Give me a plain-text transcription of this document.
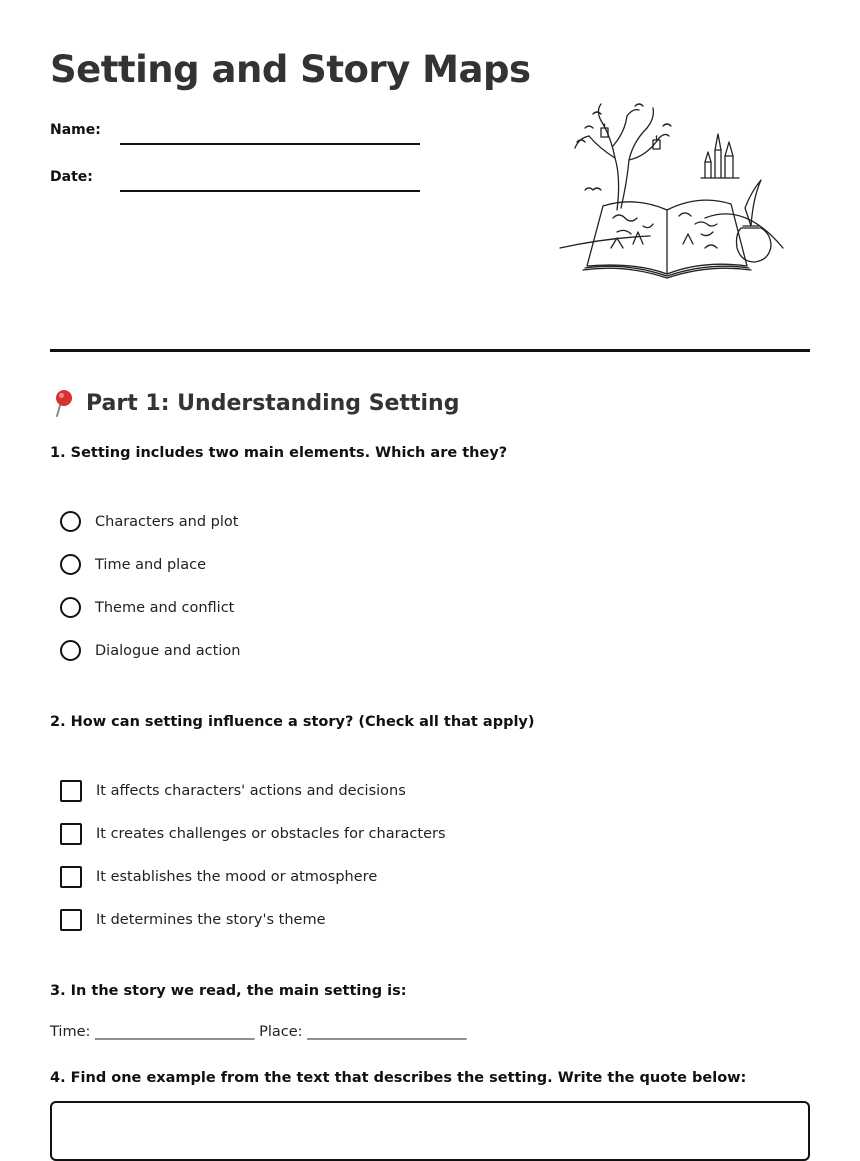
Setting and Story Maps
Name:
Date:
Part 1: Understanding Setting
1. Setting includes two main elements. Which are they?
Characters and plot
Time and place
Theme and conflict
Dialogue and action
2. How can setting influence a story? (Check all that apply)
It affects characters' actions and decisions
It creates challenges or obstacles for characters
It establishes the mood or atmosphere
It determines the story's theme
3. In the story we read, the main setting is:
Time: ______________________ Place: ______________________
4. Find one example from the text that describes the setting. Write the quote below:
